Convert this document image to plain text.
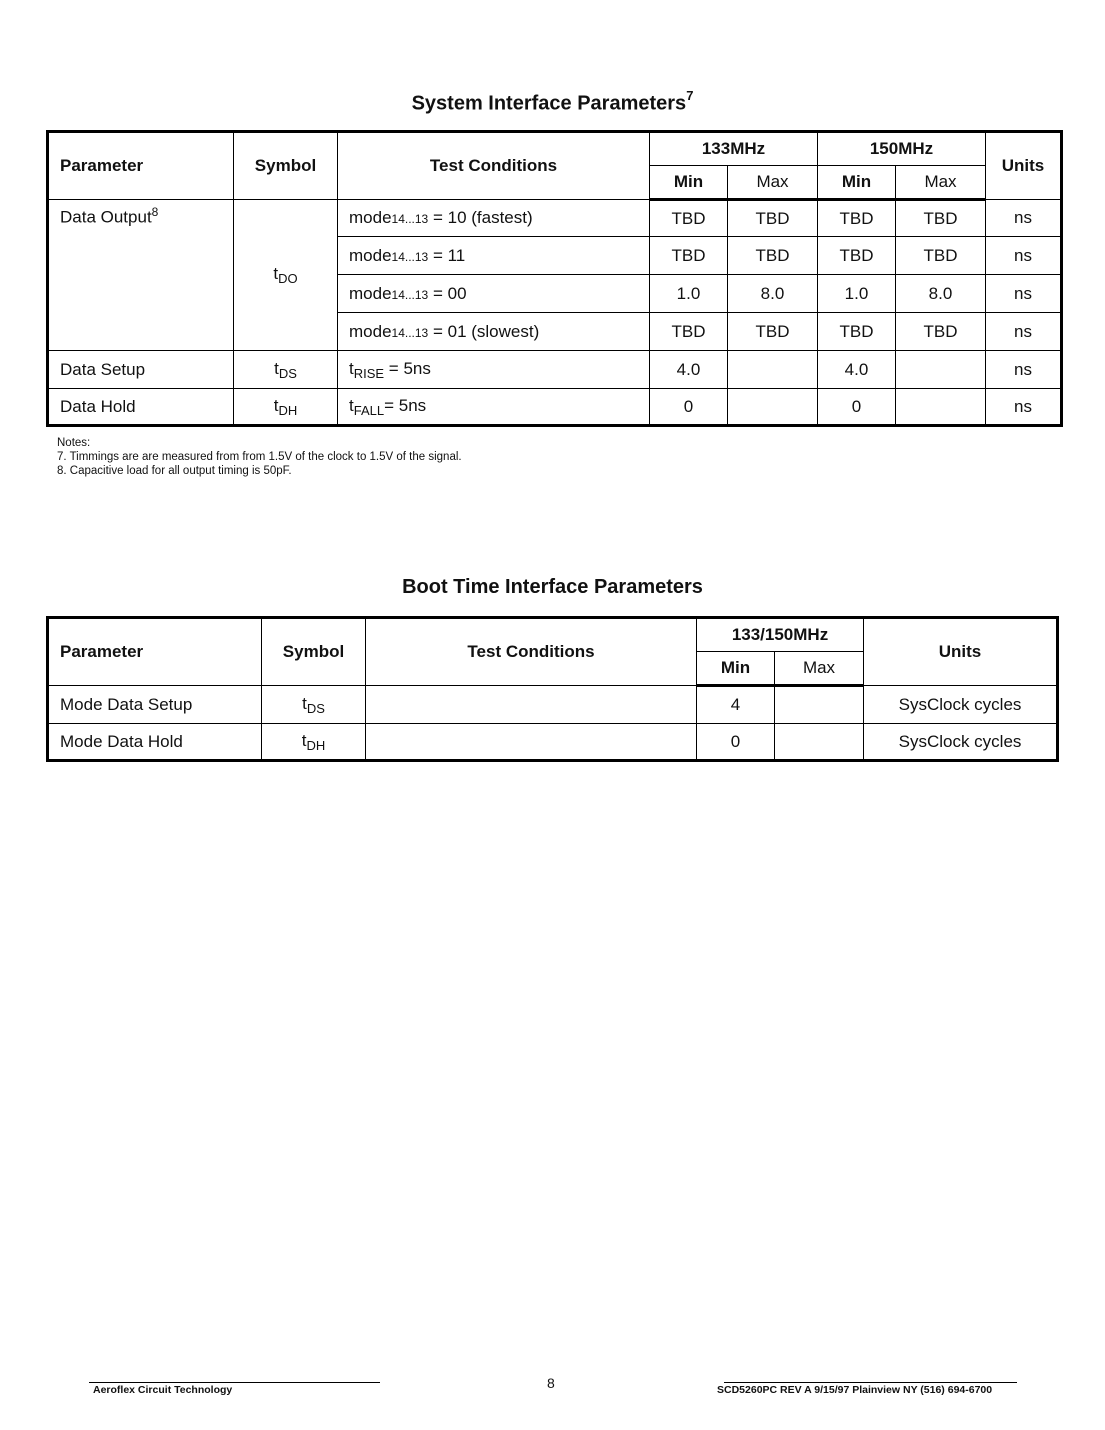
System Interface Parameters$^7$
Parameter	Symbol	Test Conditions	133MHz		150MHz		Units
			Min	Max	Min	Max	
Data Output$^8$	$t_{DO}$	mode14...13 = 10 (fastest)	TBD	TBD	TBD	TBD	ns
		mode14...13 = 11	TBD	TBD	TBD	TBD	ns
		mode14...13 = 00	1.0	8.0	1.0	8.0	ns
		mode14...13 = 01 (slowest)	TBD	TBD	TBD	TBD	ns
Data Setup	$t_{DS}$	$t_{RISE} = 5ns$	4.0		4.0		ns
Data Hold	$t_{DH}$	$t_{FALL}= 5ns$	0		0		ns
Notes:
7. Timmings are are measured from from 1.5V of the clock to 1.5V of the signal.
8. Capacitive load for all output timing is 50pF.
Boot Time Interface Parameters
Parameter	Symbol	Test Conditions	133/150MHz		Units
			Min	Max	
Mode Data Setup	$t_{DS}$		4		SysClock cycles
Mode Data Hold	$t_{DH}$		0		SysClock cycles
Aeroflex Circuit Technology	8	SCD5260PC REV A 9/15/97 Plainview NY (516) 694-6700
